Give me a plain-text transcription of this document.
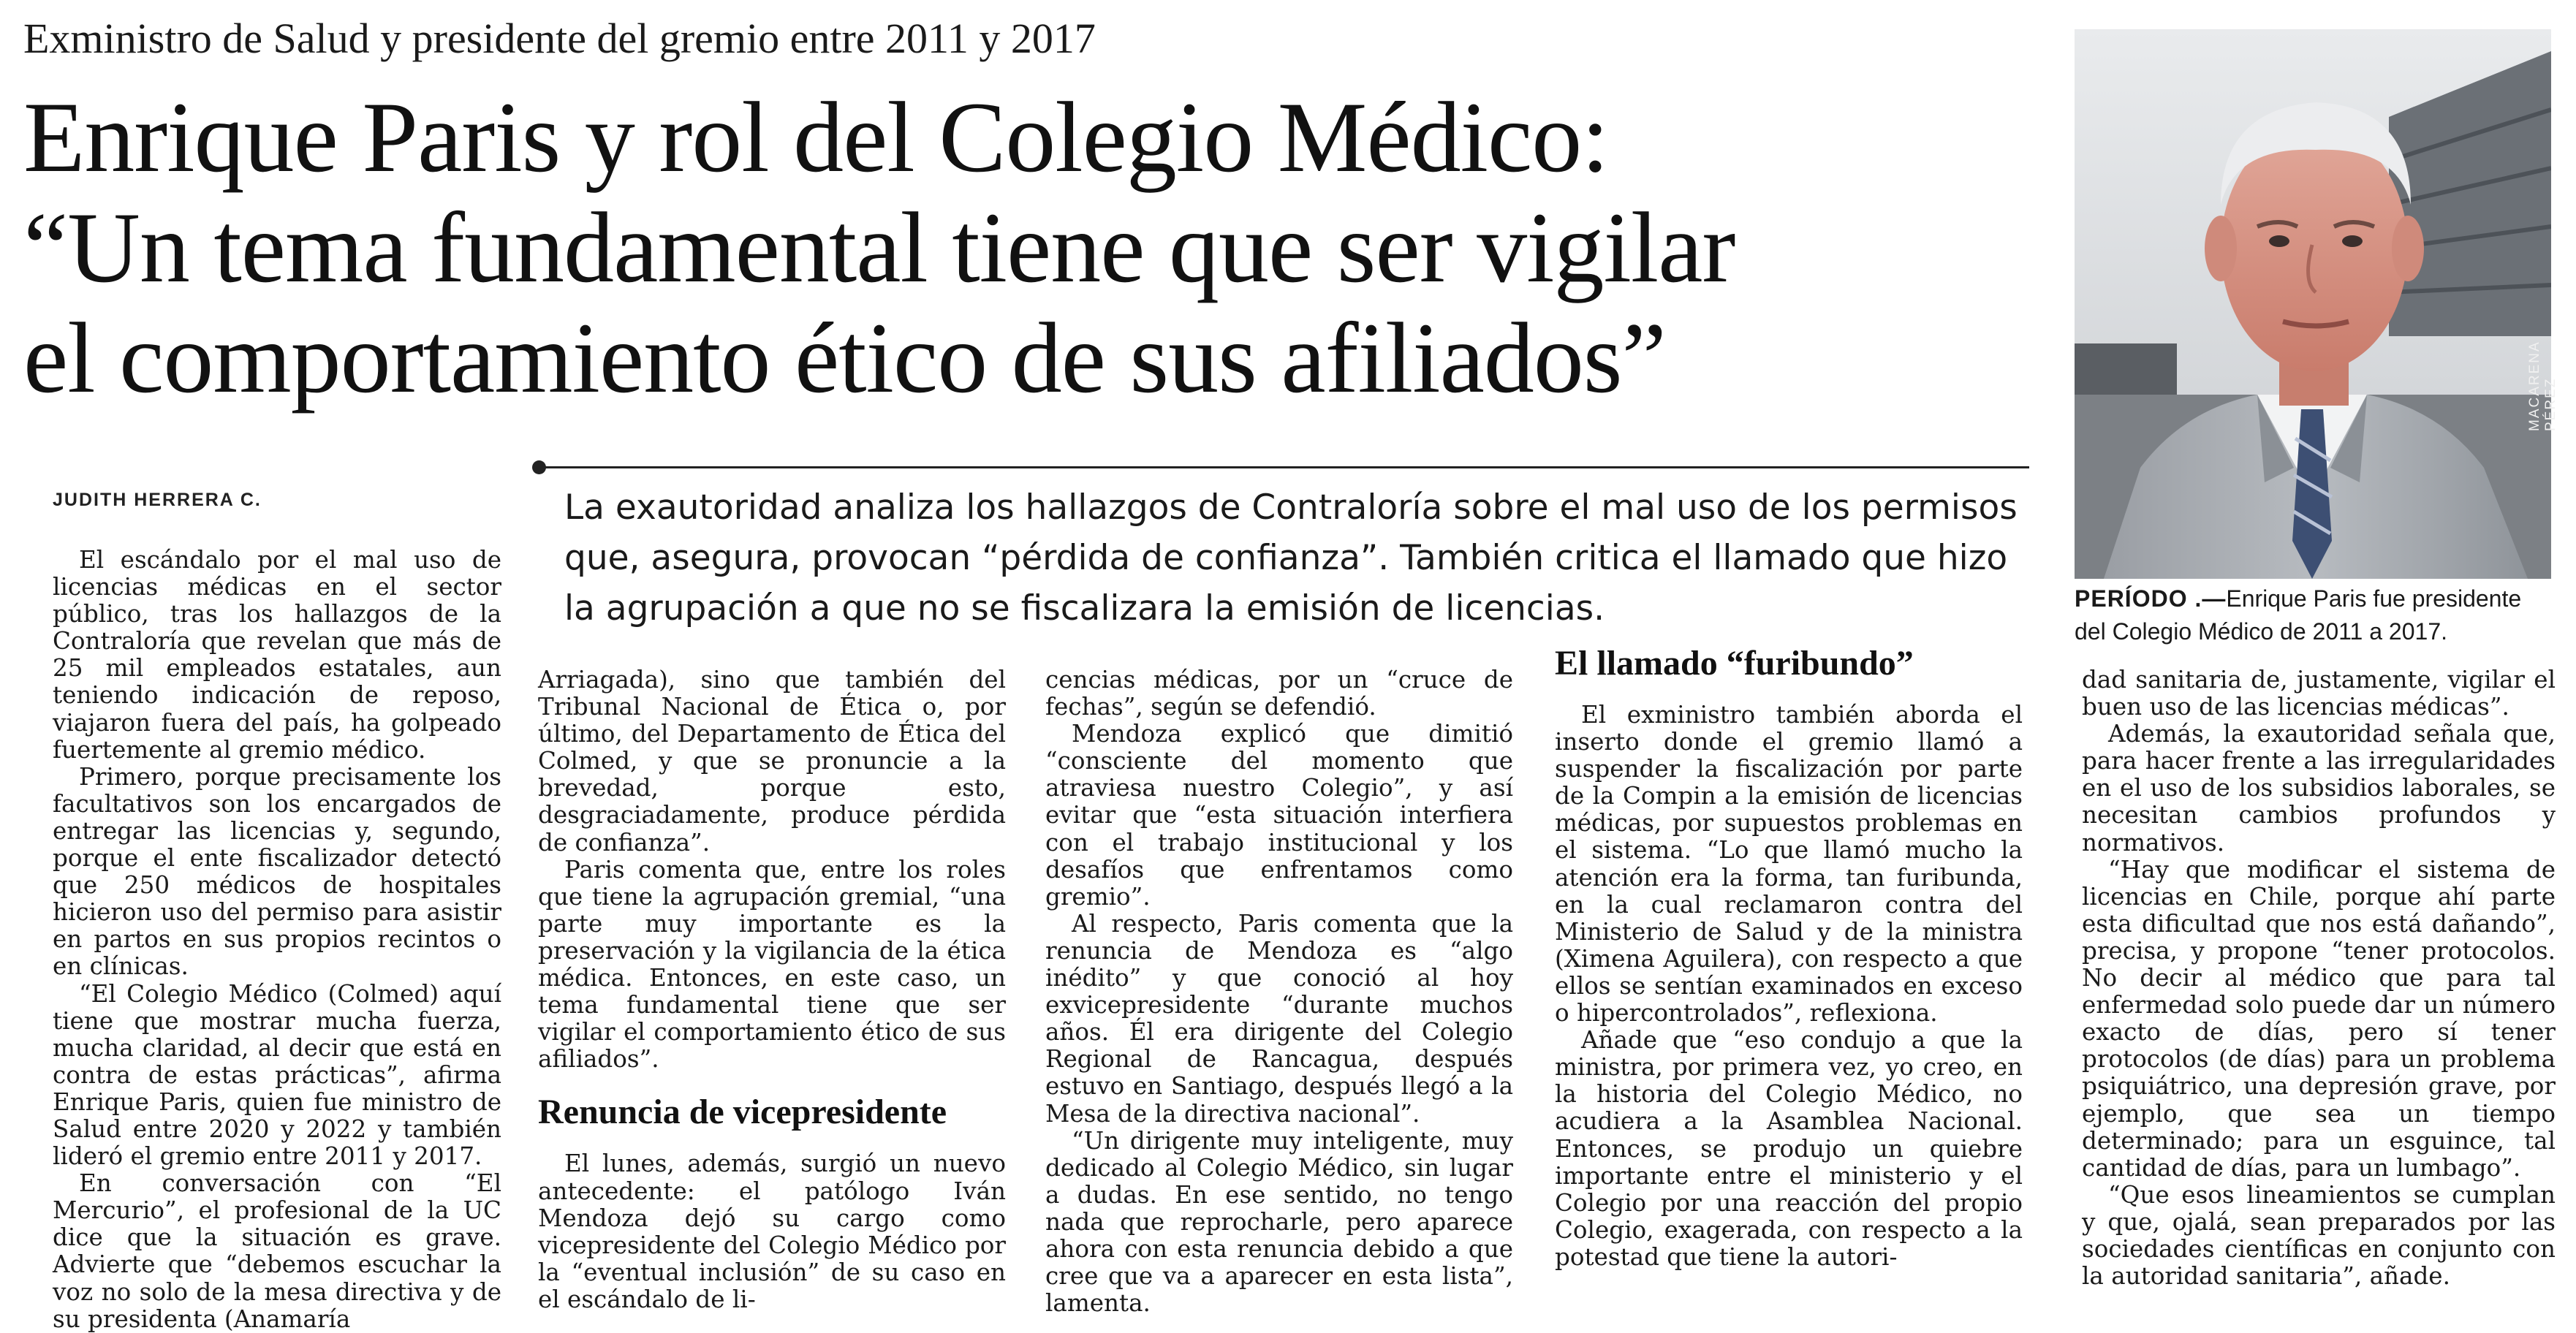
Exministro de Salud y presidente del gremio entre 2011 y 2017
Enrique Paris y rol del Colegio Médico:
“Un tema fundamental tiene que ser vigilar
el comportamiento ético de sus afiliados”
JUDITH HERRERA C.	La exautoridad analiza los hallazgos de Contraloría sobre el mal uso de los permisos que, asegura, provocan “pérdida de confianza”. También critica el llamado que hizo la agrupación a que no se fiscalizara la emisión de licencias.
MACARENA PÉREZ
PERÍODO .—Enrique Paris fue presidente del Colegio Médico de 2011 a 2017.

El escándalo por el mal uso de licencias médicas en el sector público, tras los hallazgos de la Contraloría que revelan que más de 25 mil empleados estatales, aun teniendo indicación de reposo, viajaron fuera del país, ha golpeado fuertemente al gremio médico.

Primero, porque precisamente los facultativos son los encargados de entregar las licencias y, segundo, porque el ente fiscalizador detectó que 250 médicos de hospitales hicieron uso del permiso para asistir en partos en sus propios recintos o en clínicas.

“El Colegio Médico (Colmed) aquí tiene que mostrar mucha fuerza, mucha claridad, al decir que está en contra de estas prácticas”, afirma Enrique Paris, quien fue ministro de Salud entre 2020 y 2022 y también lideró el gremio entre 2011 y 2017.

En conversación con “El Mercurio”, el profesional de la UC dice que la situación es grave. Advierte que “debemos escuchar la voz no solo de la mesa directiva y de su presidenta (Anamaría

Arriagada), sino que también del Tribunal Nacional de Ética o, por último, del Departamento de Ética del Colmed, y que se pronuncie a la brevedad, porque esto, desgraciadamente, produce pérdida de confianza”.

Paris comenta que, entre los roles que tiene la agrupación gremial, “una parte muy importante es la preservación y la vigilancia de la ética médica. Entonces, en este caso, un tema fundamental tiene que ser vigilar el comportamiento ético de sus afiliados”.

Renuncia de vicepresidente

El lunes, además, surgió un nuevo antecedente: el patólogo Iván Mendoza dejó su cargo como vicepresidente del Colegio Médico por la “eventual inclusión” de su caso en el escándalo de li-

cencias médicas, por un “cruce de fechas”, según se defendió.

Mendoza explicó que dimitió “consciente del momento que atraviesa nuestro Colegio”, y así evitar que “esta situación interfiera con el trabajo institucional y los desafíos que enfrentamos como gremio”.

Al respecto, Paris comenta que la renuncia de Mendoza es “algo inédito” y que conoció al hoy exvicepresidente “durante muchos años. Él era dirigente del Colegio Regional de Rancagua, después estuvo en Santiago, después llegó a la Mesa de la directiva nacional”.

“Un dirigente muy inteligente, muy dedicado al Colegio Médico, sin lugar a dudas. En ese sentido, no tengo nada que reprocharle, pero aparece ahora con esta renuncia debido a que cree que va a aparecer en esta lista”, lamenta.

El llamado “furibundo”

El exministro también aborda el inserto donde el gremio llamó a suspender la fiscalización por parte de la Compin a la emisión de licencias médicas, por supuestos problemas en el sistema. “Lo que llamó mucho la atención era la forma, tan furibunda, en la cual reclamaron contra del Ministerio de Salud y de la ministra (Ximena Aguilera), con respecto a que ellos se sentían examinados en exceso o hipercontrolados”, reflexiona.

Añade que “eso condujo a que la ministra, por primera vez, yo creo, en la historia del Colegio Médico, no acudiera a la Asamblea Nacional. Entonces, se produjo un quiebre importante entre el ministerio y el Colegio por una reacción del propio Colegio, exagerada, con respecto a la potestad que tiene la autori-

dad sanitaria de, justamente, vigilar el buen uso de las licencias médicas”.

Además, la exautoridad señala que, para hacer frente a las irregularidades en el uso de los subsidios laborales, se necesitan cambios profundos y normativos.

“Hay que modificar el sistema de licencias en Chile, porque ahí parte esta dificultad que nos está dañando”, precisa, y propone “tener protocolos. No decir al médico que para tal enfermedad solo puede dar un número exacto de días, pero sí tener protocolos (de días) para un problema psiquiátrico, una depresión grave, por ejemplo, que sea un tiempo determinado; para un esguince, tal cantidad de días, para un lumbago”.

“Que esos lineamientos se cumplan y que, ojalá, sean preparados por las sociedades científicas en conjunto con la autoridad sanitaria”, añade.
